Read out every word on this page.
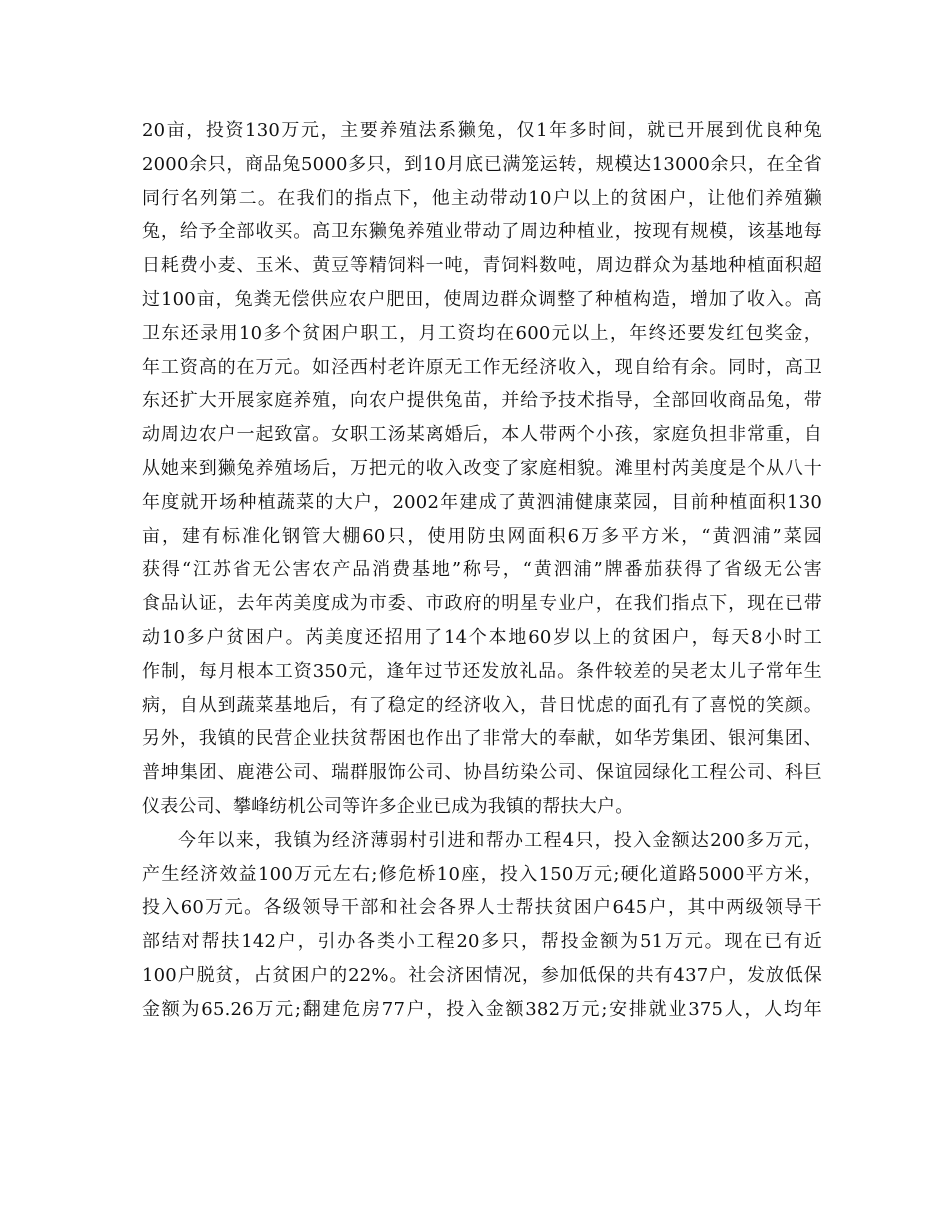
20亩，投资130万元，主要养殖法系獭兔，仅1年多时间，就已开展到优良种兔
2000余只，商品兔5000多只，到10月底已满笼运转，规模达13000余只，在全省
同行名列第二。在我们的指点下，他主动带动10户以上的贫困户，让他们养殖獭
兔，给予全部收买。高卫东獭兔养殖业带动了周边种植业，按现有规模，该基地每
日耗费小麦、玉米、黄豆等精饲料一吨，青饲料数吨，周边群众为基地种植面积超
过100亩，兔粪无偿供应农户肥田，使周边群众调整了种植构造，增加了收入。高
卫东还录用10多个贫困户职工，月工资均在600元以上，年终还要发红包奖金，
年工资高的在万元。如泾西村老许原无工作无经济收入，现自给有余。同时，高卫
东还扩大开展家庭养殖，向农户提供兔苗，并给予技术指导，全部回收商品兔，带
动周边农户一起致富。女职工汤某离婚后，本人带两个小孩，家庭负担非常重，自
从她来到獭兔养殖场后，万把元的收入改变了家庭相貌。滩里村芮美度是个从八十
年度就开场种植蔬菜的大户，2002年建成了黄泗浦健康菜园，目前种植面积130
亩，建有标准化钢管大棚60只，使用防虫网面积6万多平方米，“黄泗浦”菜园
获得“江苏省无公害农产品消费基地”称号，“黄泗浦”牌番茄获得了省级无公害
食品认证，去年芮美度成为市委、市政府的明星专业户，在我们指点下，现在已带
动10多户贫困户。芮美度还招用了14个本地60岁以上的贫困户，每天8小时工
作制，每月根本工资350元，逢年过节还发放礼品。条件较差的吴老太儿子常年生
病，自从到蔬菜基地后，有了稳定的经济收入，昔日忧虑的面孔有了喜悦的笑颜。
另外，我镇的民营企业扶贫帮困也作出了非常大的奉献，如华芳集团、银河集团、
普坤集团、鹿港公司、瑞群服饰公司、协昌纺染公司、保谊园绿化工程公司、科巨
仪表公司、攀峰纺机公司等许多企业已成为我镇的帮扶大户。
今年以来，我镇为经济薄弱村引进和帮办工程4只，投入金额达200多万元，
产生经济效益100万元左右;修危桥10座，投入150万元;硬化道路5000平方米，
投入60万元。各级领导干部和社会各界人士帮扶贫困户645户，其中两级领导干
部结对帮扶142户，引办各类小工程20多只，帮投金额为51万元。现在已有近
100户脱贫，占贫困户的22%。社会济困情况，参加低保的共有437户，发放低保
金额为65.26万元;翻建危房77户，投入金额382万元;安排就业375人，人均年
